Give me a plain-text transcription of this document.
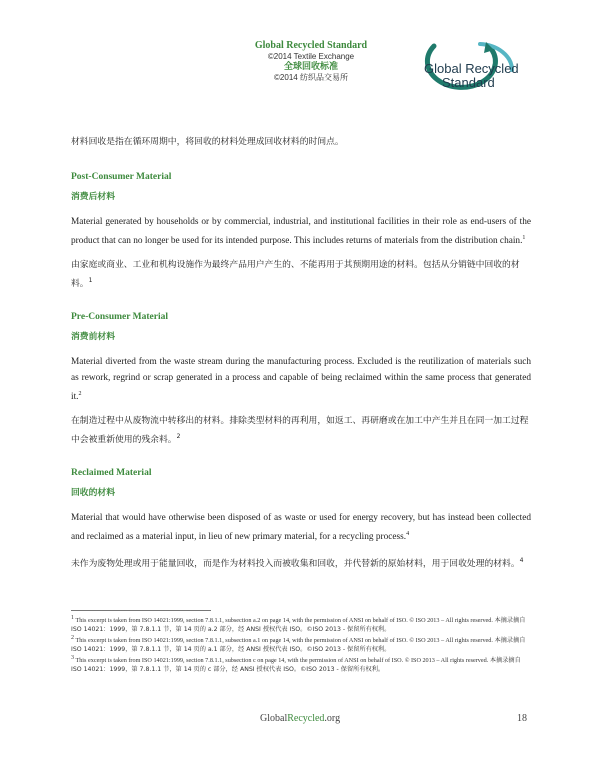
Global Recycled Standard
©2014 Textile Exchange
全球回收标准
©2014 纺织品交易所
Global Recycled
Standard

材料回收是指在循环周期中，将回收的材料处理成回收材料的时间点。

Post-Consumer Material

消费后材料

Material generated by households or by commercial, industrial, and institutional facilities in their role as end-users of the product that can no longer be used for its intended purpose. This includes returns of materials from the distribution chain.$^1$

由家庭或商业、工业和机构设施作为最终产品用户产生的、不能再用于其预期用途的材料。包括从分销链中回收的材料。$^1$

Pre-Consumer Material

消费前材料

Material diverted from the waste stream during the manufacturing process. Excluded is the reutilization of materials such as rework, regrind or scrap generated in a process and capable of being reclaimed within the same process that generated it.$^2$

在制造过程中从废物流中转移出的材料。排除类型材料的再利用，如返工、再研磨或在加工中产生并且在同一加工过程中会被重新使用的残余料。$^2$

Reclaimed Material

回收的材料

Material that would have otherwise been disposed of as waste or used for energy recovery, but has instead been collected and reclaimed as a material input, in lieu of new primary material, for a recycling process.$^4$

未作为废物处理或用于能量回收，而是作为材料投入而被收集和回收，并代替新的原始材料，用于回收处理的材料。$^4$

$^1$ This excerpt is taken from ISO 14021:1999, section 7.8.1.1, subsection a.2 on page 14, with the permission of ANSI on behalf of ISO. © ISO 2013 – All rights reserved. 本摘录摘自 ISO 14021：1999，第 7.8.1.1 节，第 14 页的 a.2 部分，经 ANSI 授权代表 ISO。©ISO 2013 - 保留所有权利。

$^2$ This excerpt is taken from ISO 14021:1999, section 7.8.1.1, subsection a.1 on page 14, with the permission of ANSI on behalf of ISO. © ISO 2013 – All rights reserved. 本摘录摘自 ISO 14021：1999，第 7.8.1.1 节，第 14 页的 a.1 部分，经 ANSI 授权代表 ISO。©ISO 2013 - 保留所有权利。

$^3$ This excerpt is taken from ISO 14021:1999, section 7.8.1.1, subsection c on page 14, with the permission of ANSI on behalf of ISO. © ISO 2013 – All rights reserved. 本摘录摘自 ISO 14021：1999，第 7.8.1.1 节，第 14 页的 c 部分，经 ANSI 授权代表 ISO。©ISO 2013 - 保留所有权利。

GlobalRecycled.org	18
